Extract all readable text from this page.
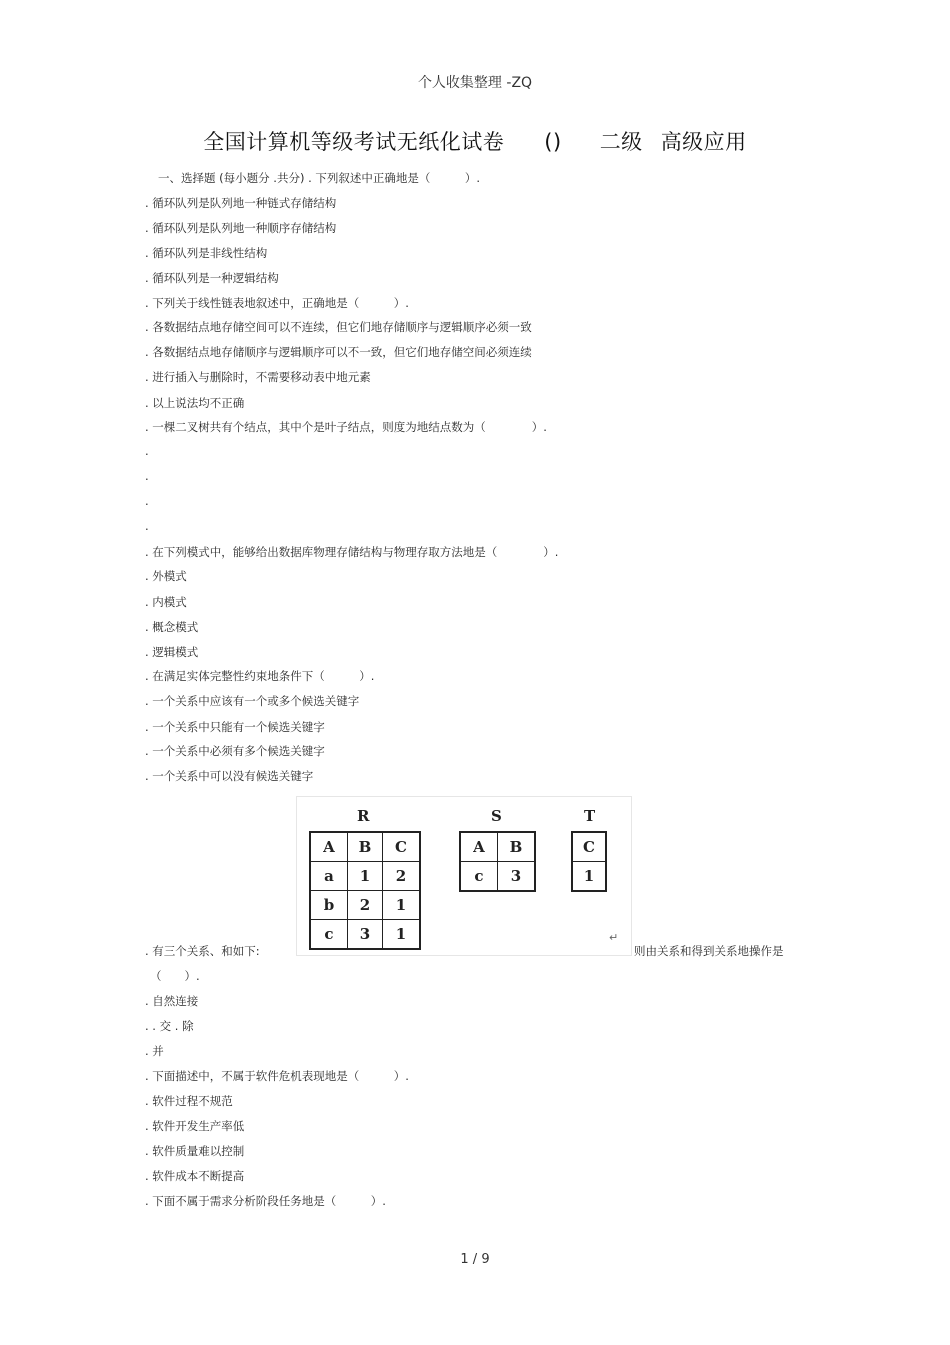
个人收集整理 -ZQ
全国计算机等级考试无纸化试卷 () 二级 高级应用
一、选择题 (每小题分 .共分) . 下列叙述中正确地是（　　　）.
. 循环队列是队列地一种链式存储结构
. 循环队列是队列地一种顺序存储结构
. 循环队列是非线性结构
. 循环队列是一种逻辑结构
. 下列关于线性链表地叙述中，正确地是（　　　）.
. 各数据结点地存储空间可以不连续，但它们地存储顺序与逻辑顺序必须一致
. 各数据结点地存储顺序与逻辑顺序可以不一致，但它们地存储空间必须连续
. 进行插入与删除时，不需要移动表中地元素
. 以上说法均不正确
. 一棵二叉树共有个结点，其中个是叶子结点，则度为地结点数为（　　　　）.
.
.
.
.
. 在下列模式中，能够给出数据库物理存储结构与物理存取方法地是（　　　　）.
. 外模式
. 内模式
. 概念模式
. 逻辑模式
. 在满足实体完整性约束地条件下（　　　）.
. 一个关系中应该有一个或多个候选关键字
. 一个关系中只能有一个候选关键字
. 一个关系中必须有多个候选关键字
. 一个关系中可以没有候选关键字
R
A	B	C
a	1	2
b	2	1
c	3	1
S
A	B
c	3
T
C
1
↵
. 有三个关系、和如下:	则由关系和得到关系地操作是
（　　）.
. 自然连接
. . 交 . 除
. 并
. 下面描述中，不属于软件危机表现地是（　　　）.
. 软件过程不规范
. 软件开发生产率低
. 软件质量难以控制
. 软件成本不断提高
. 下面不属于需求分析阶段任务地是（　　　）.
1 / 9
